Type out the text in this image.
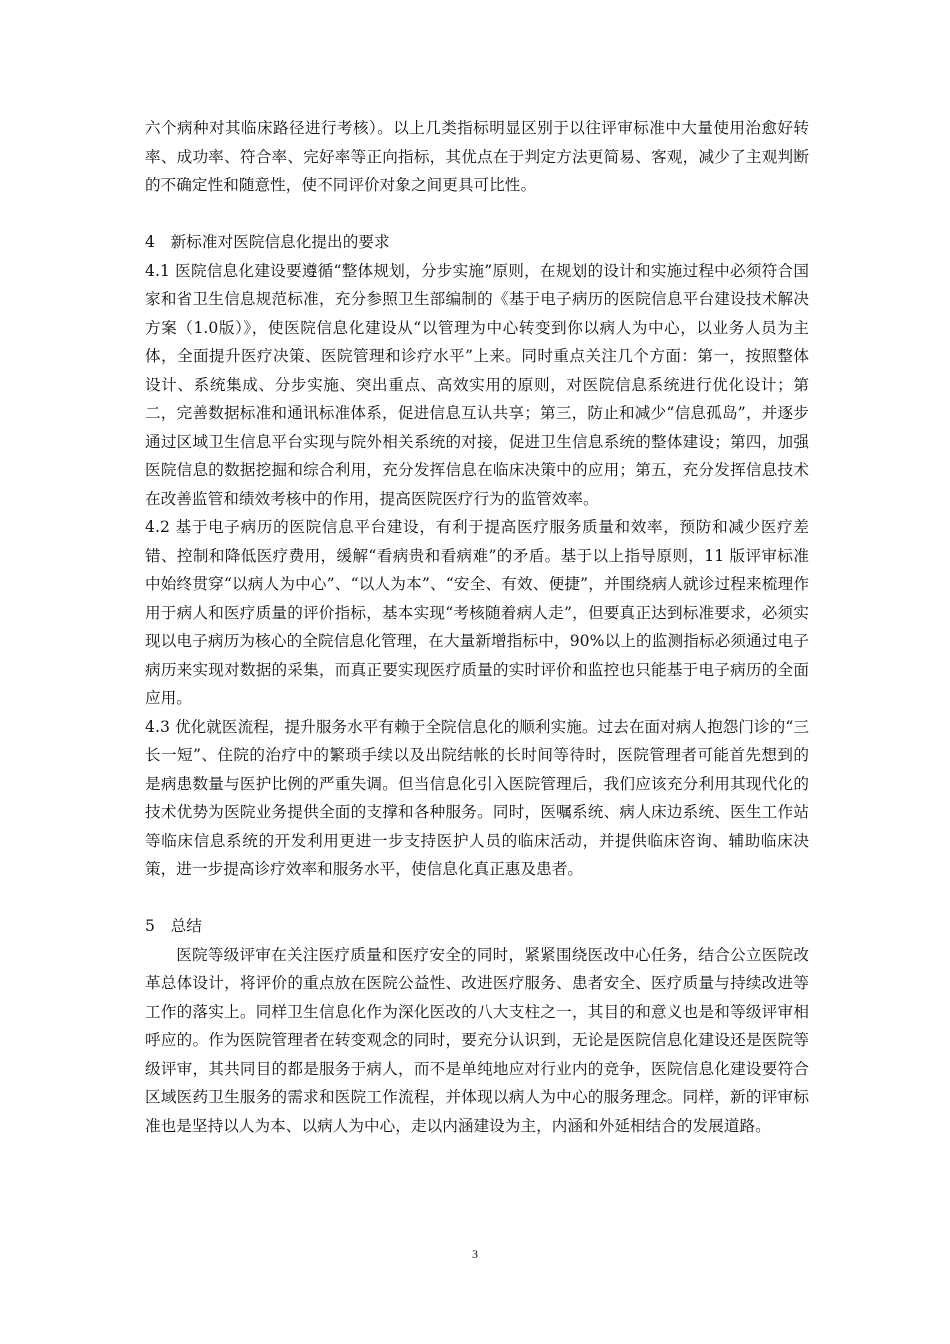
六个病种对其临床路径进行考核）。以上几类指标明显区别于以往评审标准中大量使用治愈好转率、成功率、符合率、完好率等正向指标，其优点在于判定方法更简易、客观，减少了主观判断的不确定性和随意性，使不同评价对象之间更具可比性。

4　新标准对医院信息化提出的要求

4.1 医院信息化建设要遵循“整体规划，分步实施”原则，在规划的设计和实施过程中必须符合国家和省卫生信息规范标准，充分参照卫生部编制的《基于电子病历的医院信息平台建设技术解决方案（1.0版）》，使医院信息化建设从“以管理为中心转变到你以病人为中心，以业务人员为主体，全面提升医疗决策、医院管理和诊疗水平”上来。同时重点关注几个方面：第一，按照整体设计、系统集成、分步实施、突出重点、高效实用的原则，对医院信息系统进行优化设计；第二，完善数据标准和通讯标准体系，促进信息互认共享；第三，防止和减少“信息孤岛”，并逐步通过区域卫生信息平台实现与院外相关系统的对接，促进卫生信息系统的整体建设；第四，加强医院信息的数据挖掘和综合利用，充分发挥信息在临床决策中的应用；第五，充分发挥信息技术在改善监管和绩效考核中的作用，提高医院医疗行为的监管效率。

4.2 基于电子病历的医院信息平台建设，有利于提高医疗服务质量和效率，预防和减少医疗差错、控制和降低医疗费用，缓解“看病贵和看病难”的矛盾。基于以上指导原则，11 版评审标准中始终贯穿“以病人为中心”、“以人为本”、“安全、有效、便捷”，并围绕病人就诊过程来梳理作用于病人和医疗质量的评价指标，基本实现“考核随着病人走”，但要真正达到标准要求，必须实现以电子病历为核心的全院信息化管理，在大量新增指标中，90%以上的监测指标必须通过电子病历来实现对数据的采集，而真正要实现医疗质量的实时评价和监控也只能基于电子病历的全面应用。

4.3 优化就医流程，提升服务水平有赖于全院信息化的顺利实施。过去在面对病人抱怨门诊的“三长一短”、住院的治疗中的繁琐手续以及出院结帐的长时间等待时，医院管理者可能首先想到的是病患数量与医护比例的严重失调。但当信息化引入医院管理后，我们应该充分利用其现代化的技术优势为医院业务提供全面的支撑和各种服务。同时，医嘱系统、病人床边系统、医生工作站等临床信息系统的开发利用更进一步支持医护人员的临床活动，并提供临床咨询、辅助临床决策，进一步提高诊疗效率和服务水平，使信息化真正惠及患者。

5　总结

医院等级评审在关注医疗质量和医疗安全的同时，紧紧围绕医改中心任务，结合公立医院改革总体设计，将评价的重点放在医院公益性、改进医疗服务、患者安全、医疗质量与持续改进等工作的落实上。同样卫生信息化作为深化医改的八大支柱之一，其目的和意义也是和等级评审相呼应的。作为医院管理者在转变观念的同时，要充分认识到，无论是医院信息化建设还是医院等级评审，其共同目的都是服务于病人，而不是单纯地应对行业内的竞争，医院信息化建设要符合区域医药卫生服务的需求和医院工作流程，并体现以病人为中心的服务理念。同样，新的评审标准也是坚持以人为本、以病人为中心，走以内涵建设为主，内涵和外延相结合的发展道路。

3
